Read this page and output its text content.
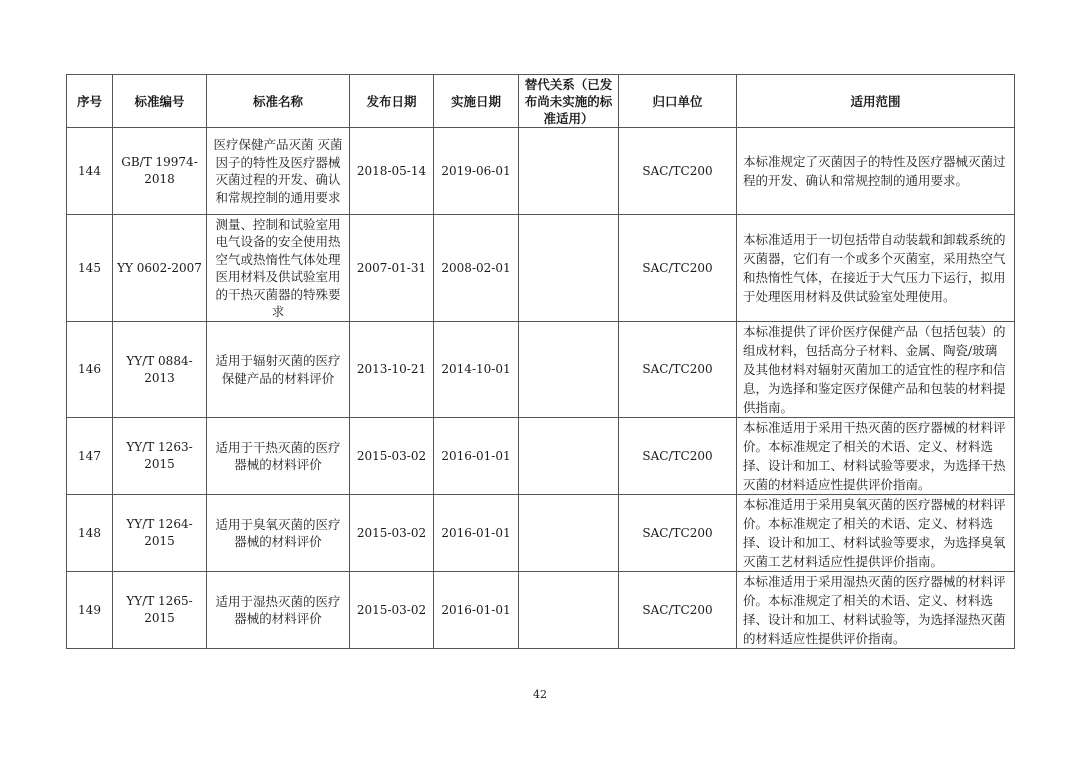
序号	标准编号	标准名称	发布日期	实施日期	替代关系（已发布尚未实施的标准适用）	归口单位	适用范围
144	GB/T 19974-2018	医疗保健产品灭菌 灭菌因子的特性及医疗器械灭菌过程的开发、确认和常规控制的通用要求	2018-05-14	2019-06-01		SAC/TC200	本标准规定了灭菌因子的特性及医疗器械灭菌过程的开发、确认和常规控制的通用要求。
145	YY 0602-2007	测量、控制和试验室用电气设备的安全使用热空气或热惰性气体处理医用材料及供试验室用的干热灭菌器的特殊要求	2007-01-31	2008-02-01		SAC/TC200	本标准适用于一切包括带自动装载和卸载系统的灭菌器，它们有一个或多个灭菌室，采用热空气和热惰性气体，在接近于大气压力下运行，拟用于处理医用材料及供试验室处理使用。
146	YY/T 0884-2013	适用于辐射灭菌的医疗保健产品的材料评价	2013-10-21	2014-10-01		SAC/TC200	本标准提供了评价医疗保健产品（包括包装）的组成材料，包括高分子材料、金属、陶瓷/玻璃及其他材料对辐射灭菌加工的适宜性的程序和信息，为选择和鉴定医疗保健产品和包装的材料提供指南。
147	YY/T 1263-2015	适用于干热灭菌的医疗器械的材料评价	2015-03-02	2016-01-01		SAC/TC200	本标准适用于采用干热灭菌的医疗器械的材料评价。本标准规定了相关的术语、定义、材料选择、设计和加工、材料试验等要求，为选择干热灭菌的材料适应性提供评价指南。
148	YY/T 1264-2015	适用于臭氧灭菌的医疗器械的材料评价	2015-03-02	2016-01-01		SAC/TC200	本标准适用于采用臭氧灭菌的医疗器械的材料评价。本标准规定了相关的术语、定义、材料选择、设计和加工、材料试验等要求，为选择臭氧灭菌工艺材料适应性提供评价指南。
149	YY/T 1265-2015	适用于湿热灭菌的医疗器械的材料评价	2015-03-02	2016-01-01		SAC/TC200	本标准适用于采用湿热灭菌的医疗器械的材料评价。本标准规定了相关的术语、定义、材料选择、设计和加工、材料试验等，为选择湿热灭菌的材料适应性提供评价指南。
42
